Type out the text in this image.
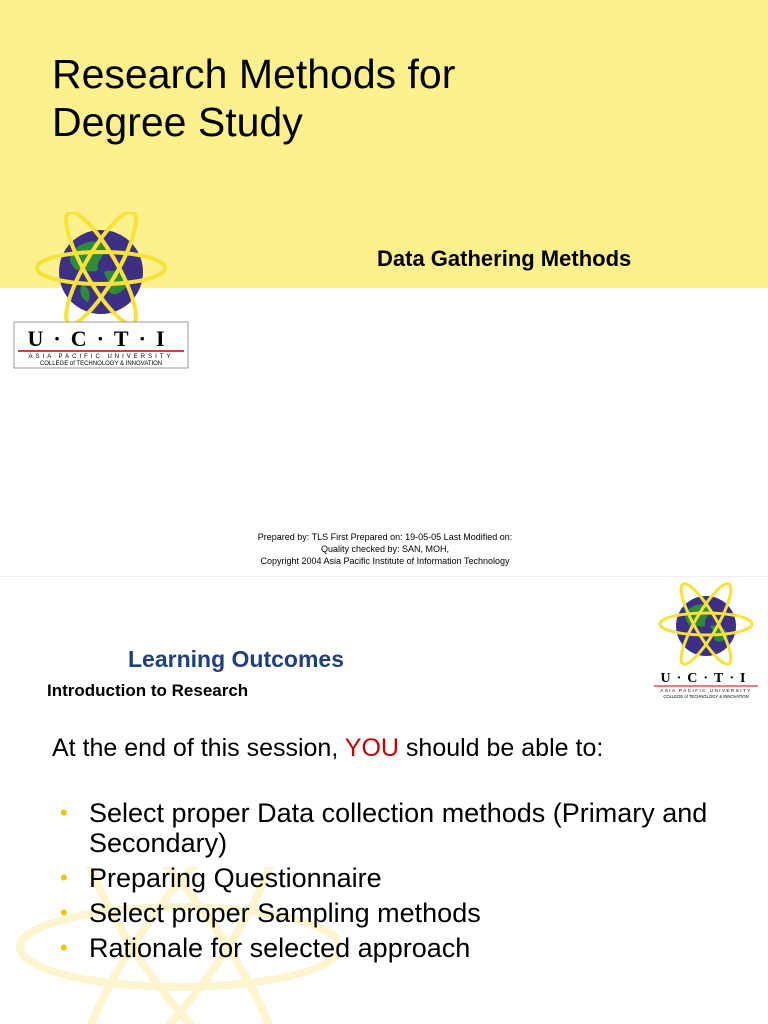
Research Methods for
Degree Study
Data Gathering Methods
U·C·T·I
ASIA PACIFIC UNIVERSITY
COLLEGE of TECHNOLOGY & INNOVATION
Prepared by: TLS First Prepared on: 19-05-05 Last Modified on:
Quality checked by: SAN, MOH,
Copyright 2004 Asia Pacific Institute of Information Technology
U·C·T·I
ASIA PACIFIC UNIVERSITY
COLLEGE of TECHNOLOGY & INNOVATION
Learning Outcomes
Introduction to Research
At the end of this session, YOU should be able to:
• Select proper Data collection methods (Primary and Secondary)
• Preparing Questionnaire
• Select proper Sampling methods
• Rationale for selected approach
